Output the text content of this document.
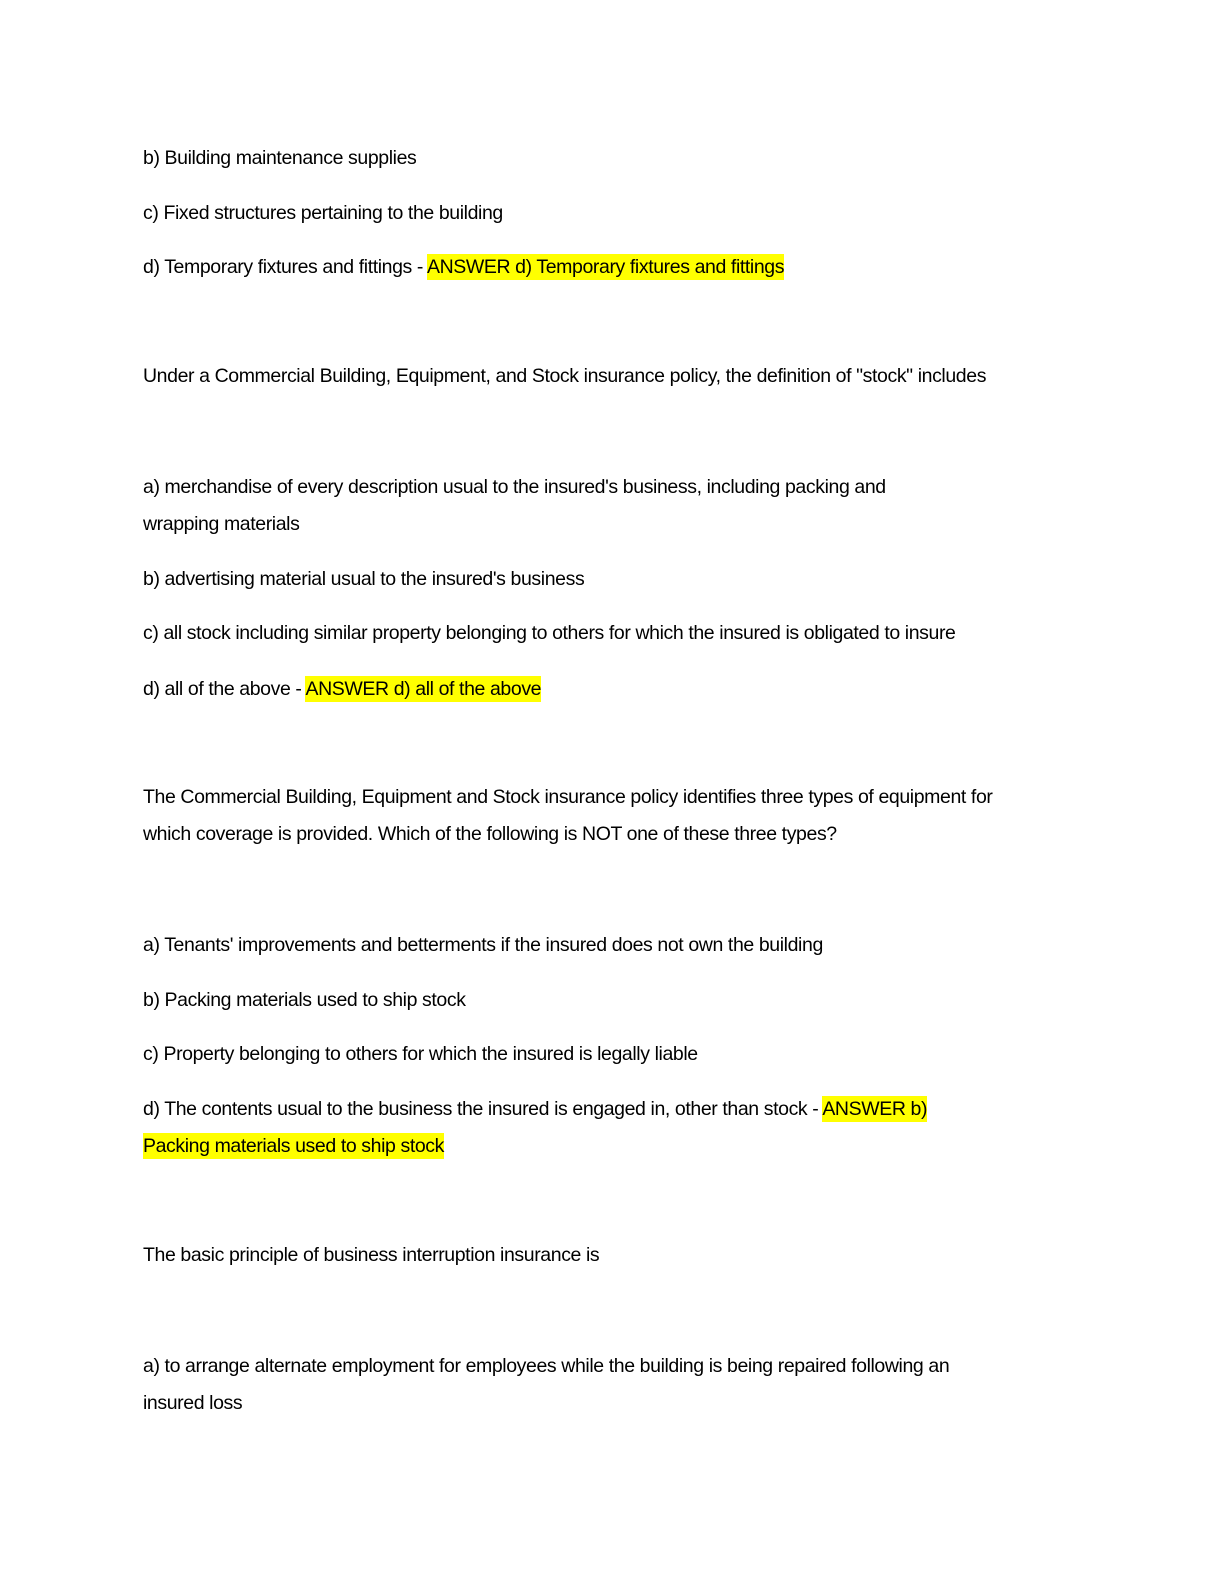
b) Building maintenance supplies
c) Fixed structures pertaining to the building
d) Temporary fixtures and fittings - ANSWER d) Temporary fixtures and fittings
Under a Commercial Building, Equipment, and Stock insurance policy, the definition of "stock" includes
a) merchandise of every description usual to the insured's business, including packing and
wrapping materials
b) advertising material usual to the insured's business
c) all stock including similar property belonging to others for which the insured is obligated to insure
d) all of the above - ANSWER d) all of the above
The Commercial Building, Equipment and Stock insurance policy identifies three types of equipment for
which coverage is provided. Which of the following is NOT one of these three types?
a) Tenants' improvements and betterments if the insured does not own the building
b) Packing materials used to ship stock
c) Property belonging to others for which the insured is legally liable
d) The contents usual to the business the insured is engaged in, other than stock - ANSWER b)
Packing materials used to ship stock
The basic principle of business interruption insurance is
a) to arrange alternate employment for employees while the building is being repaired following an
insured loss
